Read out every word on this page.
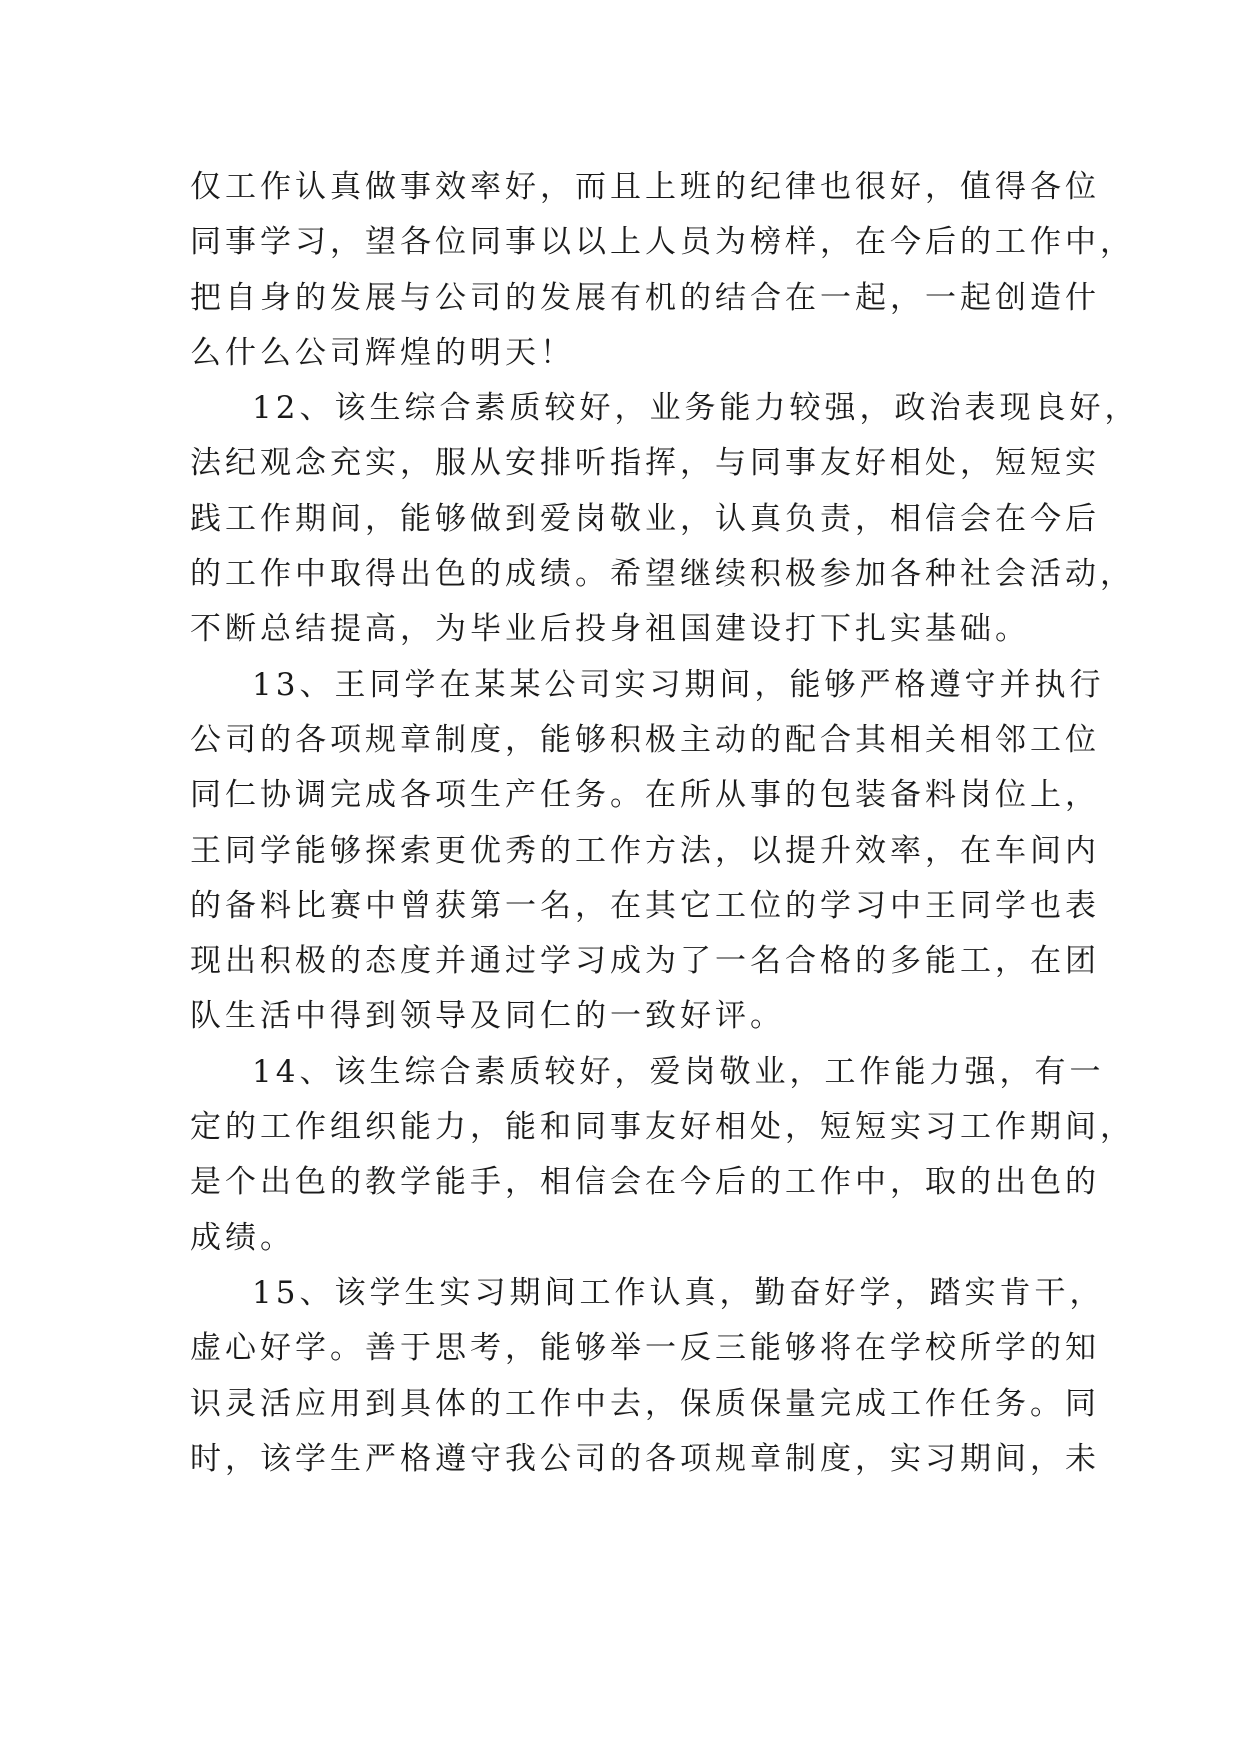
仅工作认真做事效率好，而且上班的纪律也很好，值得各位
同事学习，望各位同事以以上人员为榜样，在今后的工作中，
把自身的发展与公司的发展有机的结合在一起，一起创造什
么什么公司辉煌的明天！
12、该生综合素质较好，业务能力较强，政治表现良好，
法纪观念充实，服从安排听指挥，与同事友好相处，短短实
践工作期间，能够做到爱岗敬业，认真负责，相信会在今后
的工作中取得出色的成绩。希望继续积极参加各种社会活动，
不断总结提高，为毕业后投身祖国建设打下扎实基础。
13、王同学在某某公司实习期间，能够严格遵守并执行
公司的各项规章制度，能够积极主动的配合其相关相邻工位
同仁协调完成各项生产任务。在所从事的包装备料岗位上，
王同学能够探索更优秀的工作方法，以提升效率，在车间内
的备料比赛中曾获第一名，在其它工位的学习中王同学也表
现出积极的态度并通过学习成为了一名合格的多能工，在团
队生活中得到领导及同仁的一致好评。
14、该生综合素质较好，爱岗敬业，工作能力强，有一
定的工作组织能力，能和同事友好相处，短短实习工作期间，
是个出色的教学能手，相信会在今后的工作中，取的出色的
成绩。
15、该学生实习期间工作认真，勤奋好学，踏实肯干，
虚心好学。善于思考，能够举一反三能够将在学校所学的知
识灵活应用到具体的工作中去，保质保量完成工作任务。同
时，该学生严格遵守我公司的各项规章制度，实习期间，未
